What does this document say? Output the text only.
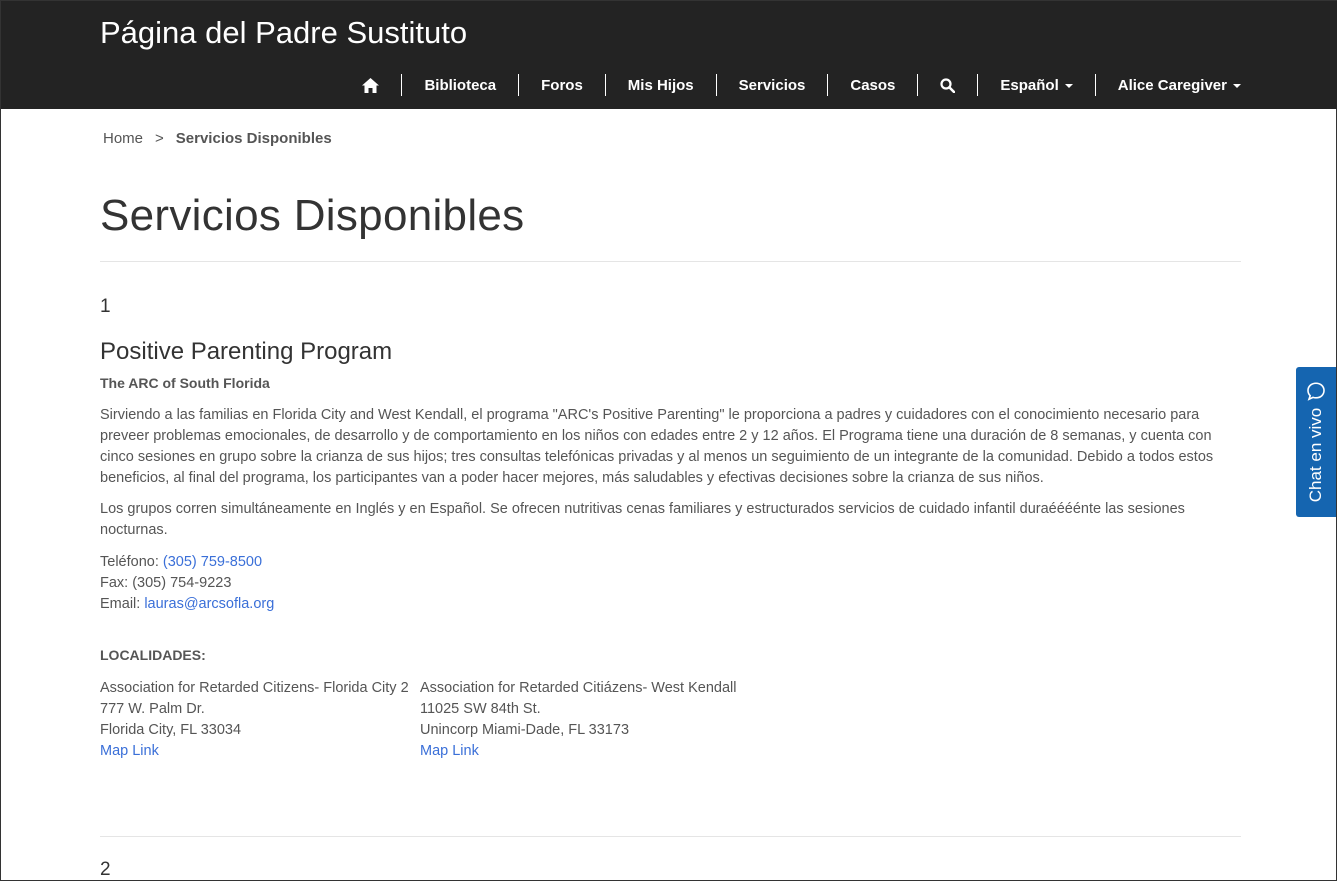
Página del Padre Sustituto
Biblioteca	Foros	Mis Hijos	Servicios	Casos	Español	Alice Caregiver
Home > Servicios Disponibles
Servicios Disponibles
1
Positive Parenting Program
The ARC of South Florida

Sirviendo a las familias en Florida City and West Kendall, el programa "ARC's Positive Parenting" le proporciona a padres y cuidadores con el conocimiento necesario para preveer problemas emocionales, de desarrollo y de comportamiento en los niños con edades entre 2 y 12 años. El Programa tiene una duración de 8 semanas, y cuenta con cinco sesiones en grupo sobre la crianza de sus hijos; tres consultas telefónicas privadas y al menos un seguimiento de un integrante de la comunidad. Debido a todos estos beneficios, al final del programa, los participantes van a poder hacer mejores, más saludables y efectivas decisiones sobre la crianza de sus niños.

Los grupos corren simultáneamente en Inglés y en Español. Se ofrecen nutritivas cenas familiares y estructurados servicios de cuidado infantil duraéééénte las sesiones nocturnas.

Teléfono: (305) 759-8500
Fax: (305) 754-9223
Email: lauras@arcsofla.org
LOCALIDADES:
Association for Retarded Citizens- Florida City 2
777 W. Palm Dr.
Florida City, FL 33034
Map Link
Association for Retarded Citiázens- West Kendall
11025 SW 84th St.
Unincorp Miami-Dade, FL 33173
Map Link
2
Chat en vivo
